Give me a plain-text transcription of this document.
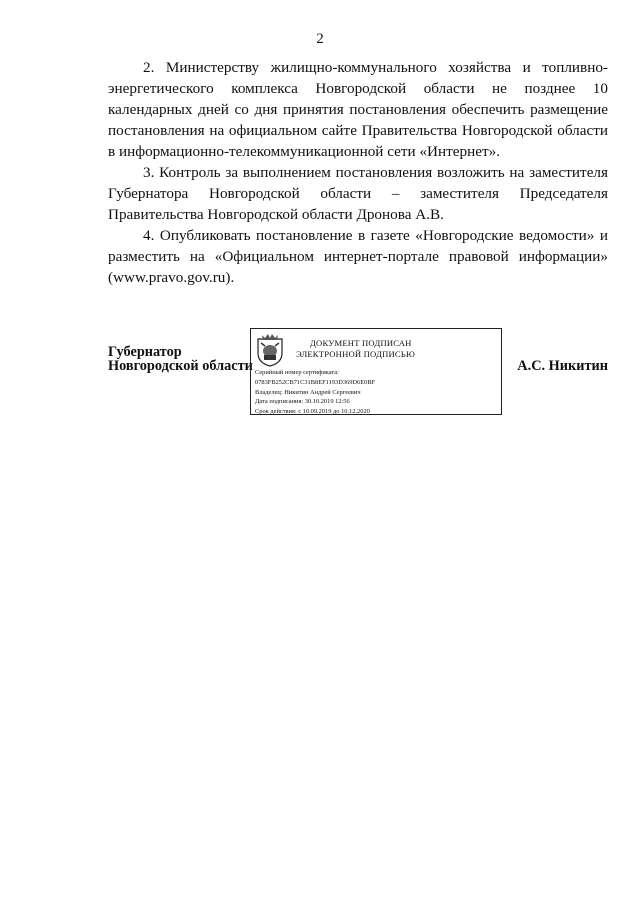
2

2. Министерству жилищно-коммунального хозяйства и топливно-энергетического комплекса Новгородской области не позднее 10 календарных дней со дня принятия постановления обеспечить размещение постановления на официальном сайте Правительства Новгородской области в информационно-телекоммуникационной сети «Интернет».

3. Контроль за выполнением постановления возложить на заместителя Губернатора Новгородской области – заместителя Председателя Правительства Новгородской области Дронова А.В.

4. Опубликовать постановление в газете «Новгородские ведомости» и разместить на «Официальном интернет-портале правовой информации» (www.pravo.gov.ru).

Губернатор
Новгородской области
ДОКУМЕНТ ПОДПИСАН
ЭЛЕКТРОННОЙ ПОДПИСЬЮ
Серийный номер сертификата:
0783FB252CB71C31B8EF1193D369D6E0BF
Владелец: Никитин Андрей Сергеевич
Дата подписания: 30.10.2019 12:56
Срок действия: с 10.09.2019 до 10.12.2020
А.С. Никитин
